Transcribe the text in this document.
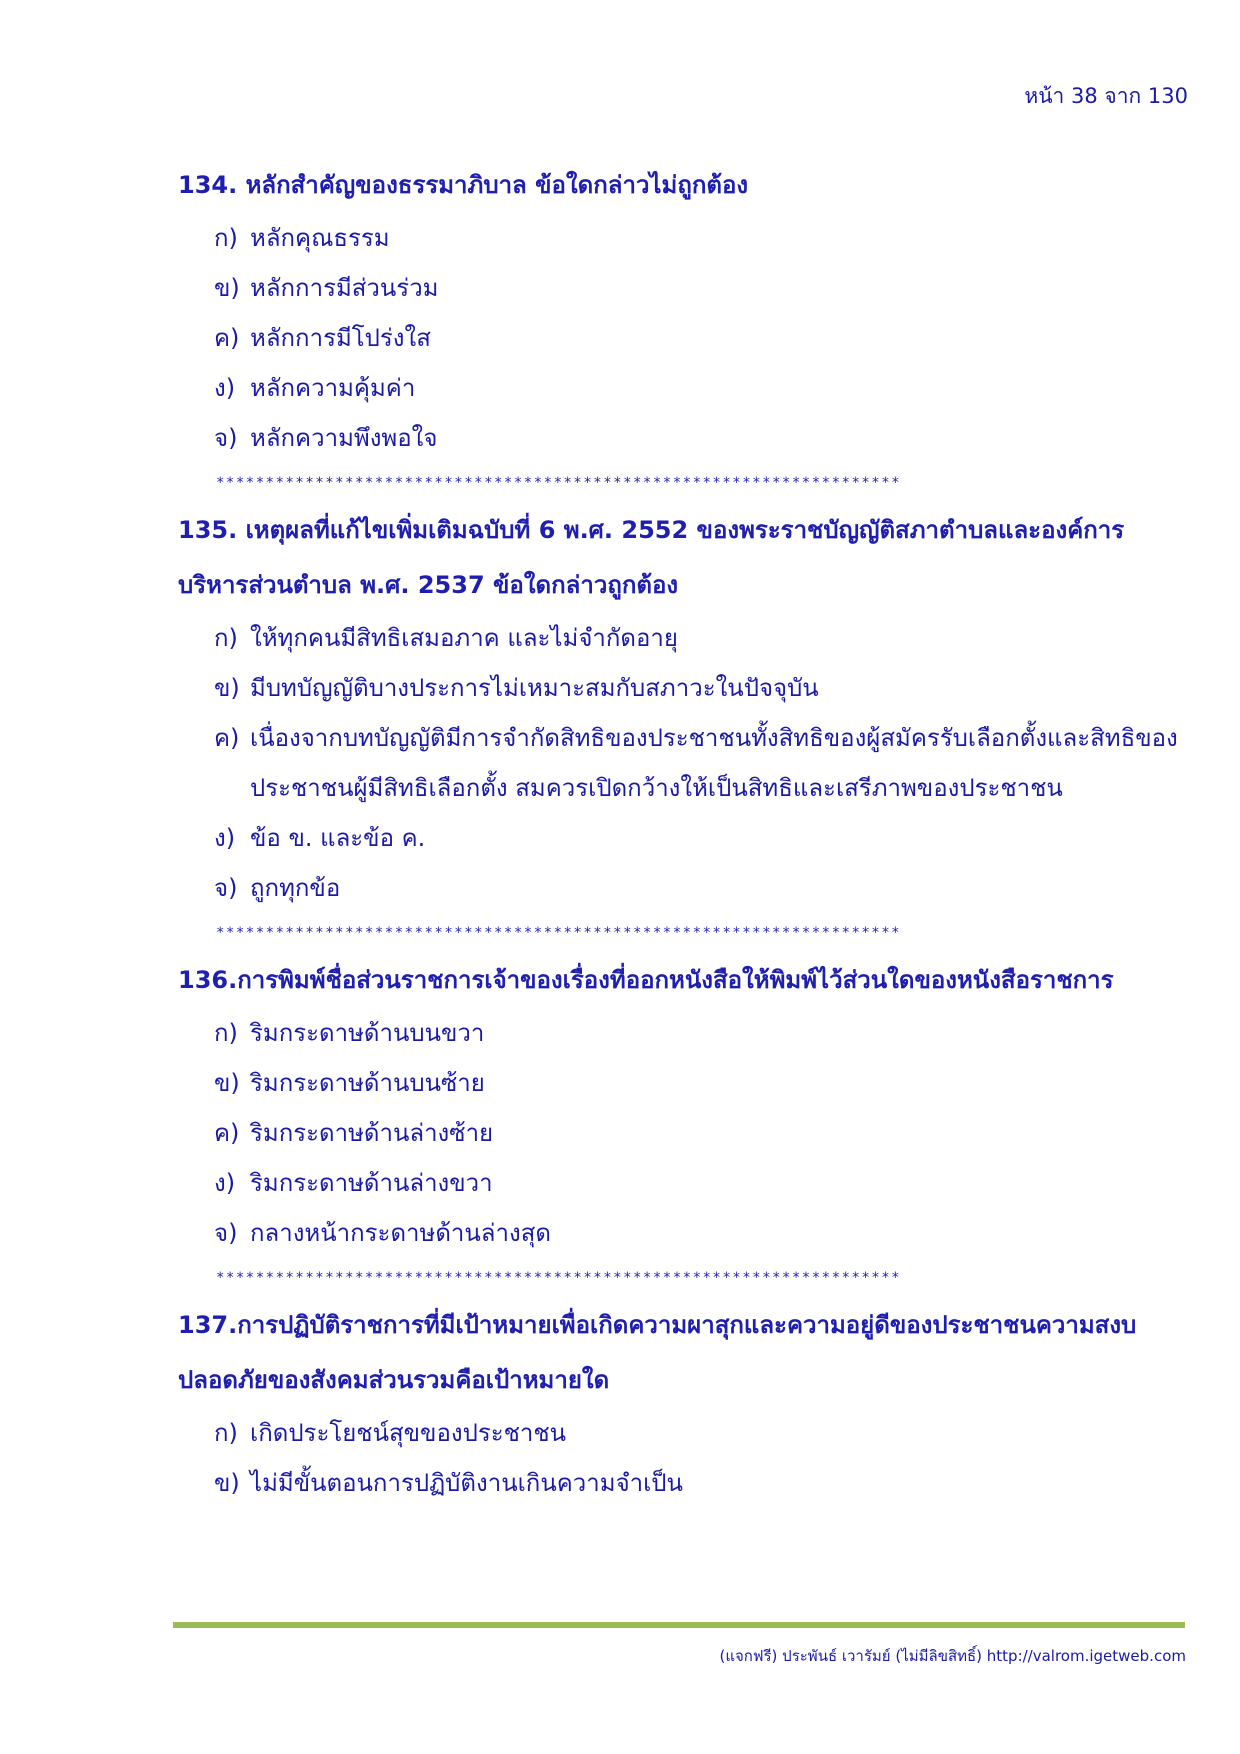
หน้า 38 จาก 130

134. หลักสำคัญของธรรมาภิบาล ข้อใดกล่าวไม่ถูกต้อง

ก) หลักคุณธรรม
ข) หลักการมีส่วนร่วม
ค) หลักการมีโปร่งใส
ง) หลักความคุ้มค่า
จ) หลักความพึงพอใจ
*********************************************************************

135. เหตุผลที่แก้ไขเพิ่มเติมฉบับที่ 6 พ.ศ. 2552 ของพระราชบัญญัติสภาตำบลและองค์การบริหารส่วนตำบล พ.ศ. 2537 ข้อใดกล่าวถูกต้อง

ก) ให้ทุกคนมีสิทธิเสมอภาค และไม่จำกัดอายุ
ข) มีบทบัญญัติบางประการไม่เหมาะสมกับสภาวะในปัจจุบัน
ค) เนื่องจากบทบัญญัติมีการจำกัดสิทธิของประชาชนทั้งสิทธิของผู้สมัครรับเลือกตั้งและสิทธิของประชาชนผู้มีสิทธิเลือกตั้ง สมควรเปิดกว้างให้เป็นสิทธิและเสรีภาพของประชาชน
ง) ข้อ ข. และข้อ ค.
จ) ถูกทุกข้อ
*********************************************************************

136.การพิมพ์ชื่อส่วนราชการเจ้าของเรื่องที่ออกหนังสือให้พิมพ์ไว้ส่วนใดของหนังสือราชการ

ก) ริมกระดาษด้านบนขวา
ข) ริมกระดาษด้านบนซ้าย
ค) ริมกระดาษด้านล่างซ้าย
ง) ริมกระดาษด้านล่างขวา
จ) กลางหน้ากระดาษด้านล่างสุด
*********************************************************************

137.การปฏิบัติราชการที่มีเป้าหมายเพื่อเกิดความผาสุกและความอยู่ดีของประชาชนความสงบปลอดภัยของสังคมส่วนรวมคือเป้าหมายใด

ก) เกิดประโยชน์สุขของประชาชน
ข) ไม่มีขั้นตอนการปฏิบัติงานเกินความจำเป็น
(แจกฟรี) ประพันธ์ เวารัมย์ (ไม่มีลิขสิทธิ์) http://valrom.igetweb.com
